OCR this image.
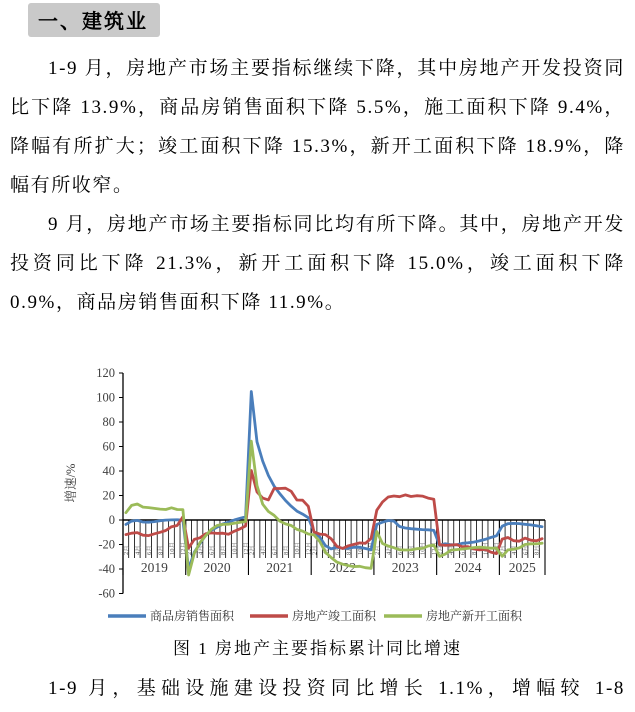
一、建筑业

1-9 月，房地产市场主要指标继续下降，其中房地产开发投资同比下降 13.9%，商品房销售面积下降 5.5%，施工面积下降 9.4%，降幅有所扩大；竣工面积下降 15.3%，新开工面积下降 18.9%，降幅有所收窄。

9 月，房地产市场主要指标同比均有所下降。其中，房地产开发投资同比下降 21.3%，新开工面积下降 15.0%，竣工面积下降 0.9%，商品房销售面积下降 11.9%。

120
100
80
60
40
20
0
-20
-40
-60
增速/%
2月 4月 6月 8月 10月 12月
2月 4月 6月 8月 10月 12月
2月 4月 6月 8月 10月 12月
2月 4月 6月 8月 10月 12月
2月 4月 6月 8月 10月 12月
2月 4月 6月 8月 10月 12月
2月 4月 6月 8月
2019	2020	2021	2022	2023	2024 2025
商品房销售面积	房地产竣工面积	房地产新开工面积
图 1 房地产主要指标累计同比增速

1-9 月，基础设施建设投资同比增长 1.1%，增幅较 1-8
